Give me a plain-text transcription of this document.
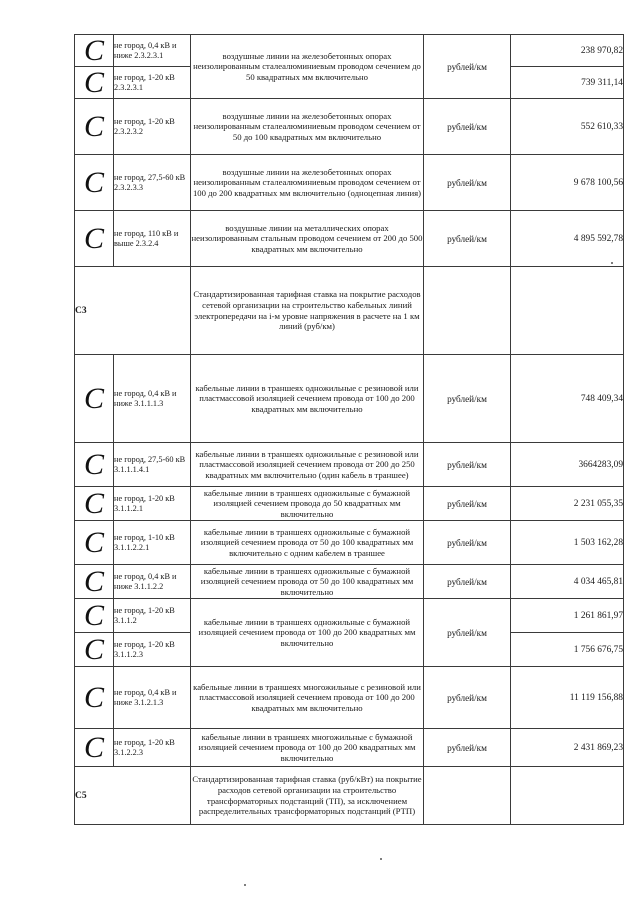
C	не город, 0,4 кВ и ниже 2.3.2.3.1	воздушные линии на железобетонных опорах неизолированным сталеалюминиевым проводом сечением до 50 квадратных мм включительно	рублей/км	238 970,82
C	не город, 1-20 кВ 2.3.2.3.1			739 311,14
C	не город, 1-20 кВ 2.3.2.3.2	воздушные линии на железобетонных опорах неизолированным сталеалюминиевым проводом сечением от 50 до 100 квадратных мм включительно	рублей/км	552 610,33
C	не город, 27,5-60 кВ 2.3.2.3.3	воздушные линии на железобетонных опорах неизолированным сталеалюминиевым проводом сечением от 100 до 200 квадратных мм включительно (одноцепная линия)	рублей/км	9 678 100,56
C	не город, 110 кВ и выше 2.3.2.4	воздушные линии на металлических опорах неизолированным стальным проводом сечением от 200 до 500 квадратных мм включительно	рублей/км	4 895 592,78
С3		Стандартизированная тарифная ставка на покрытие расходов сетевой организации на строительство кабельных линий электропередачи на i-м уровне напряжения в расчете на 1 км линий (руб/км)		
C	не город, 0,4 кВ и ниже 3.1.1.1.3	кабельные линии в траншеях одножильные с резиновой или пластмассовой изоляцией сечением провода от 100 до 200 квадратных мм включительно	рублей/км	748 409,34
C	не город, 27,5-60 кВ 3.1.1.1.4.1	кабельные линии в траншеях одножильные с резиновой или пластмассовой изоляцией сечением провода от 200 до 250 квадратных мм включительно (один кабель в траншее)	рублей/км	3664283,09
C	не город, 1-20 кВ 3.1.1.2.1	кабельные линии в траншеях одножильные с бумажной изоляцией сечением провода до 50 квадратных мм включительно	рублей/км	2 231 055,35
C	не город, 1-10 кВ 3.1.1.2.2.1	кабельные линии в траншеях одножильные с бумажной изоляцией сечением провода от 50 до 100 квадратных мм включительно с одним кабелем в траншее	рублей/км	1 503 162,28
C	не город, 0,4 кВ и ниже 3.1.1.2.2	кабельные линии в траншеях одножильные с бумажной изоляцией сечением провода от 50 до 100 квадратных мм включительно	рублей/км	4 034 465,81
C	не город, 1-20 кВ 3.1.1.2	кабельные линии в траншеях одножильные с бумажной изоляцией сечением провода от 100 до 200 квадратных мм включительно	рублей/км	1 261 861,97
C	не город, 1-20 кВ 3.1.1.2.3			1 756 676,75
C	не город, 0,4 кВ и ниже 3.1.2.1.3	кабельные линии в траншеях многожильные с резиновой или пластмассовой изоляцией сечением провода от 100 до 200 квадратных мм включительно	рублей/км	11 119 156,88
C	не город, 1-20 кВ 3.1.2.2.3	кабельные линии в траншеях многожильные с бумажной изоляцией сечением провода от 100 до 200 квадратных мм включительно	рублей/км	2 431 869,23
С5		Стандартизированная тарифная ставка (руб/кВт) на покрытие расходов сетевой организации на строительство трансформаторных подстанций (ТП), за исключением распределительных трансформаторных подстанций (РТП)		
